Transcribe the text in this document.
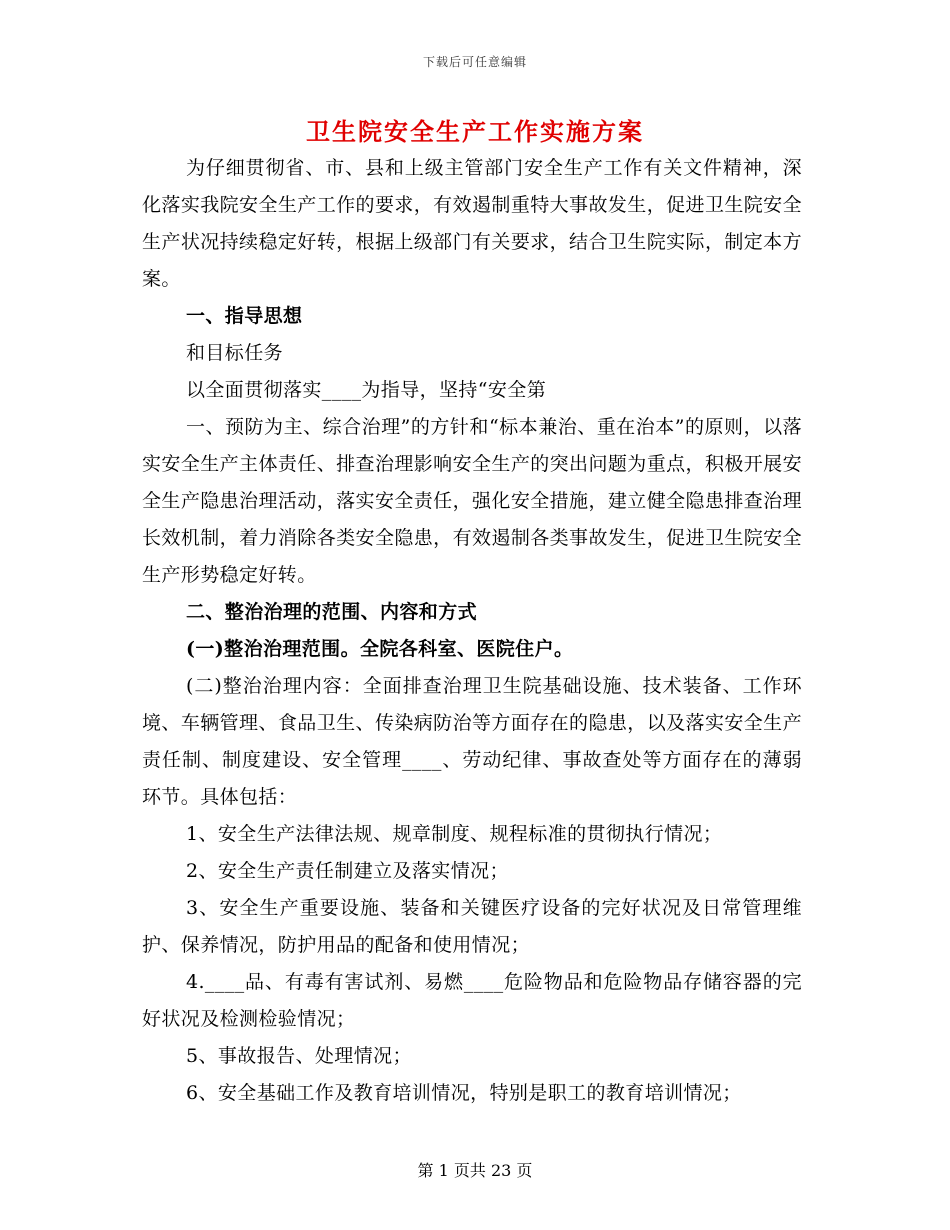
下载后可任意编辑
卫生院安全生产工作实施方案

为仔细贯彻省、市、县和上级主管部门安全生产工作有关文件精神，深化落实我院安全生产工作的要求，有效遏制重特大事故发生，促进卫生院安全生产状况持续稳定好转，根据上级部门有关要求，结合卫生院实际，制定本方案。

一、指导思想

和目标任务

以全面贯彻落实____为指导，坚持“安全第

一、预防为主、综合治理”的方针和“标本兼治、重在治本”的原则，以落实安全生产主体责任、排查治理影响安全生产的突出问题为重点，积极开展安全生产隐患治理活动，落实安全责任，强化安全措施，建立健全隐患排查治理长效机制，着力消除各类安全隐患，有效遏制各类事故发生，促进卫生院安全生产形势稳定好转。

二、整治治理的范围、内容和方式

(一)整治治理范围。全院各科室、医院住户。

(二)整治治理内容：全面排查治理卫生院基础设施、技术装备、工作环境、车辆管理、食品卫生、传染病防治等方面存在的隐患，以及落实安全生产责任制、制度建设、安全管理____、劳动纪律、事故查处等方面存在的薄弱环节。具体包括：

1、安全生产法律法规、规章制度、规程标准的贯彻执行情况；

2、安全生产责任制建立及落实情况；

3、安全生产重要设施、装备和关键医疗设备的完好状况及日常管理维护、保养情况，防护用品的配备和使用情况；

4.____品、有毒有害试剂、易燃____危险物品和危险物品存储容器的完好状况及检测检验情况；

5、事故报告、处理情况；

6、安全基础工作及教育培训情况，特别是职工的教育培训情况；

第 1 页共 23 页
